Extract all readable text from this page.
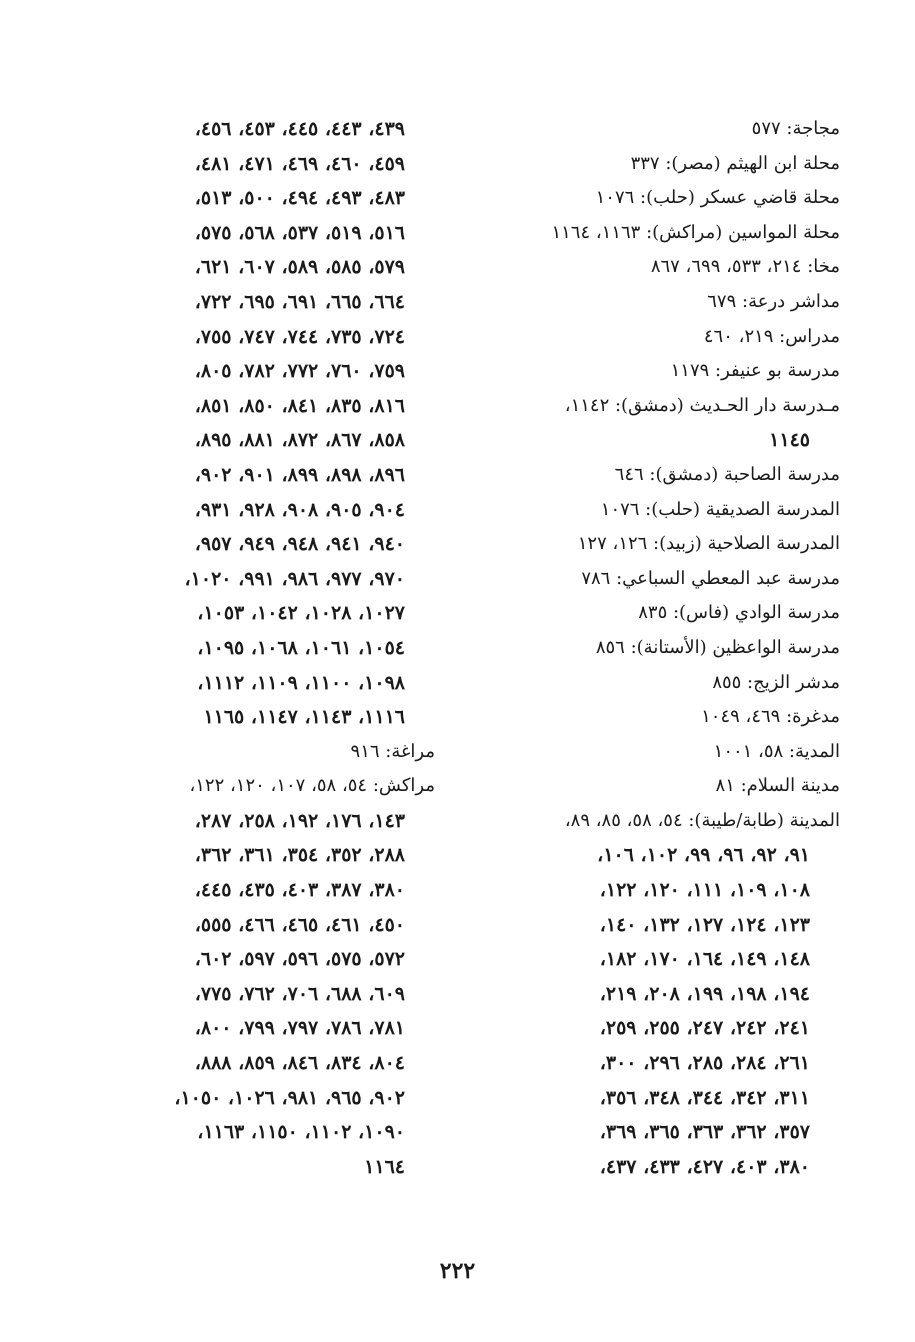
مجاجة: ٥٧٧
محلة ابن الهيثم (مصر): ٣٣٧
محلة قاضي عسكر (حلب): ١٠٧٦
محلة المواسين (مراكش): ١١٦٣، ١١٦٤
مخا: ٢١٤، ٥٣٣، ٦٩٩، ٨٦٧
مداشر درعة: ٦٧٩
مدراس: ٢١٩، ٤٦٠
مدرسة بو عنيفر: ١١٧٩
مـدرسة دار الحـديث (دمشق): ١١٤٢،
١١٤٥
مدرسة الصاحبة (دمشق): ٦٤٦
المدرسة الصديقية (حلب): ١٠٧٦
المدرسة الصلاحية (زبيد): ١٢٦، ١٢٧
مدرسة عبد المعطي السباعي: ٧٨٦
مدرسة الوادي (فاس): ٨٣٥
مدرسة الواعظين (الأستانة): ٨٥٦
مدشر الزيج: ٨٥٥
مدغرة: ٤٦٩، ١٠٤٩
المدية: ٥٨، ١٠٠١
مدينة السلام: ٨١
المدينة (طابة/طيبة): ٥٤، ٥٨، ٨٥، ٨٩،
٩١، ٩٢، ٩٦، ٩٩، ١٠٢، ١٠٦،
١٠٨، ١٠٩، ١١١، ١٢٠، ١٢٢،
١٢٣، ١٢٤، ١٢٧، ١٣٢، ١٤٠،
١٤٨، ١٤٩، ١٦٤، ١٧٠، ١٨٢،
١٩٤، ١٩٨، ١٩٩، ٢٠٨، ٢١٩،
٢٤١، ٢٤٢، ٢٤٧، ٢٥٥، ٢٥٩،
٢٦١، ٢٨٤، ٢٨٥، ٢٩٦، ٣٠٠،
٣١١، ٣٤٢، ٣٤٤، ٣٤٨، ٣٥٦،
٣٥٧، ٣٦٢، ٣٦٣، ٣٦٥، ٣٦٩،
٣٨٠، ٤٠٣، ٤٢٧، ٤٣٣، ٤٣٧،
٤٣٩، ٤٤٣، ٤٤٥، ٤٥٣، ٤٥٦،
٤٥٩، ٤٦٠، ٤٦٩، ٤٧١، ٤٨١،
٤٨٣، ٤٩٣، ٤٩٤، ٥٠٠، ٥١٣،
٥١٦، ٥١٩، ٥٣٧، ٥٦٨، ٥٧٥،
٥٧٩، ٥٨٥، ٥٨٩، ٦٠٧، ٦٢١،
٦٦٤، ٦٦٥، ٦٩١، ٦٩٥، ٧٢٢،
٧٢٤، ٧٣٥، ٧٤٤، ٧٤٧، ٧٥٥،
٧٥٩، ٧٦٠، ٧٧٢، ٧٨٢، ٨٠٥،
٨١٦، ٨٣٥، ٨٤١، ٨٥٠، ٨٥١،
٨٥٨، ٨٦٧، ٨٧٢، ٨٨١، ٨٩٥،
٨٩٦، ٨٩٨، ٨٩٩، ٩٠١، ٩٠٢،
٩٠٤، ٩٠٥، ٩٠٨، ٩٢٨، ٩٣١،
٩٤٠، ٩٤١، ٩٤٨، ٩٤٩، ٩٥٧،
٩٧٠، ٩٧٧، ٩٨٦، ٩٩١، ١٠٢٠،
١٠٢٧، ١٠٢٨، ١٠٤٢، ١٠٥٣،
١٠٥٤، ١٠٦١، ١٠٦٨، ١٠٩٥،
١٠٩٨، ١١٠٠، ١١٠٩، ١١١٢،
١١١٦، ١١٤٣، ١١٤٧، ١١٦٥
مراغة: ٩١٦
مراكش: ٥٤، ٥٨، ١٠٧، ١٢٠، ١٢٢،
١٤٣، ١٧٦، ١٩٢، ٢٥٨، ٢٨٧،
٢٨٨، ٣٥٢، ٣٥٤، ٣٦١، ٣٦٢،
٣٨٠، ٣٨٧، ٤٠٣، ٤٣٥، ٤٤٥،
٤٥٠، ٤٦١، ٤٦٥، ٤٦٦، ٥٥٥،
٥٧٢، ٥٧٥، ٥٩٦، ٥٩٧، ٦٠٢،
٦٠٩، ٦٨٨، ٧٠٦، ٧٦٢، ٧٧٥،
٧٨١، ٧٨٦، ٧٩٧، ٧٩٩، ٨٠٠،
٨٠٤، ٨٣٤، ٨٤٦، ٨٥٩، ٨٨٨،
٩٠٢، ٩٦٥، ٩٨١، ١٠٢٦، ١٠٥٠،
١٠٩٠، ١١٠٢، ١١٥٠، ١١٦٣،
١١٦٤
٢٢٢
